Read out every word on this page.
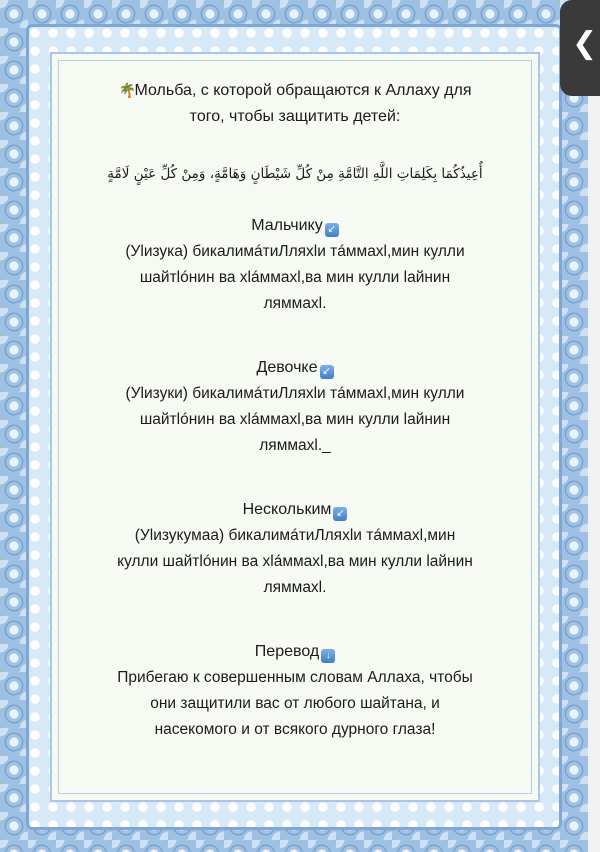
🌴Мольба, с которой обращаются к Аллаху для
того, чтобы защитить детей:
أُعِيذُكُمَا بِكَلِمَاتِ اللَّهِ التَّامَّةِ مِنْ كُلِّ شَيْطَانٍ وَهَامَّةٍ، وَمِنْ كُلِّ عَيْنٍ لَامَّةٍ
Мальчику ↙
(Уlизука) бикалимáтиЛляхlи тáммахl,мин кулли
шайтlóнин ва хláммахl,ва мин кулли lайнин
ляммахl.
Девочке ↙
(Уlизуки) бикалимáтиЛляхlи тáммахl,мин кулли
шайтlóнин ва хláммахl,ва мин кулли lайнин
ляммахl._
Нескольким ↙
(Уlизукумаа) бикалимáтиЛляхlи тáммахl,мин
кулли шайтlóнин ва хláммахl,ва мин кулли lайнин
ляммахl.
Перевод ↓
Прибегаю к совершенным словам Аллаха, чтобы
они защитили вас от любого шайтана, и
насекомого и от всякого дурного глаза!
❮
